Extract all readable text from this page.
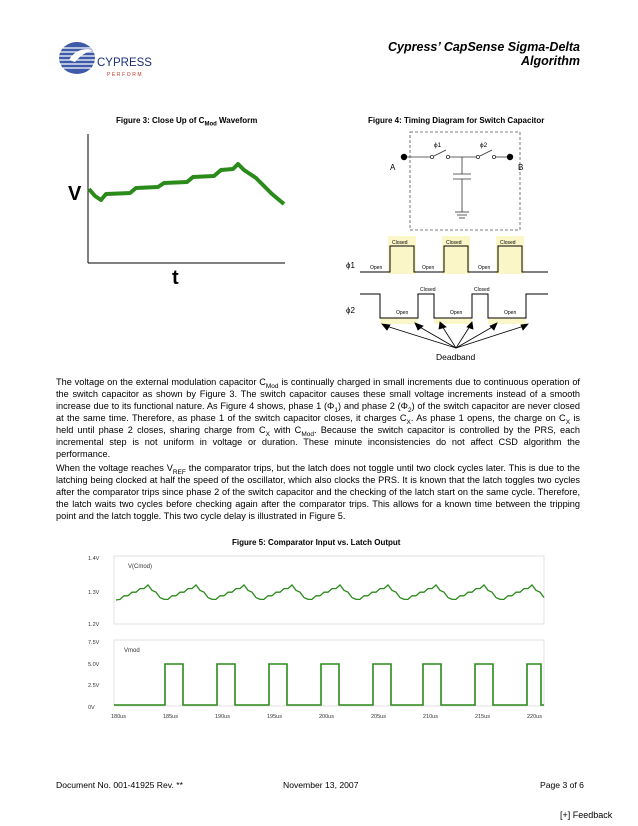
CYPRESS
PERFORM
Cypress’ CapSense Sigma-Delta Algorithm
Figure 3: Close Up of $C_{Mod}$ Waveform
V
t
Figure 4: Timing Diagram for Switch Capacitor
A	B
ϕ1	ϕ2
ϕ1
Closed	Closed	Closed
Open	Open	Open
ϕ2
Closed	Closed
Open	Open	Open
Deadband

The voltage on the external modulation capacitor $C_{Mod}$ is continually charged in small increments due to continuous operation of the switch capacitor as shown by Figure 3. The switch capacitor causes these small voltage increments instead of a smooth increase due to its functional nature. As Figure 4 shows, phase 1 $(\Phi_1)$ and phase 2 $(\Phi_2)$ of the switch capacitor are never closed at the same time. Therefore, as phase 1 of the switch capacitor closes, it charges $C_X$. As phase 1 opens, the charge on $C_X$ is held until phase 2 closes, sharing charge from $C_X$ with $C_{Mod}$. Because the switch capacitor is controlled by the PRS, each incremental step is not uniform in voltage or duration. These minute inconsistencies do not affect CSD algorithm the performance.

When the voltage reaches $V_{REF}$ the comparator trips, but the latch does not toggle until two clock cycles later. This is due to the latching being clocked at half the speed of the oscillator, which also clocks the PRS. It is known that the latch toggles two cycles after the comparator trips since phase 2 of the switch capacitor and the checking of the latch start on the same cycle. Therefore, the latch waits two cycles before checking again after the comparator trips. This allows for a known time between the tripping point and the latch toggle. This two cycle delay is illustrated in Figure 5.

Figure 5: Comparator Input vs. Latch Output
V(Cmod)
1.4V
1.3V
1.2V
Vmod
7.5V
5.0V
2.5V
0V
180us	185us	190us	195us	200us	205us	210us	215us	220us
Document No. 001-41925 Rev. **	November 13, 2007	Page 3 of 6
[+] Feedback
